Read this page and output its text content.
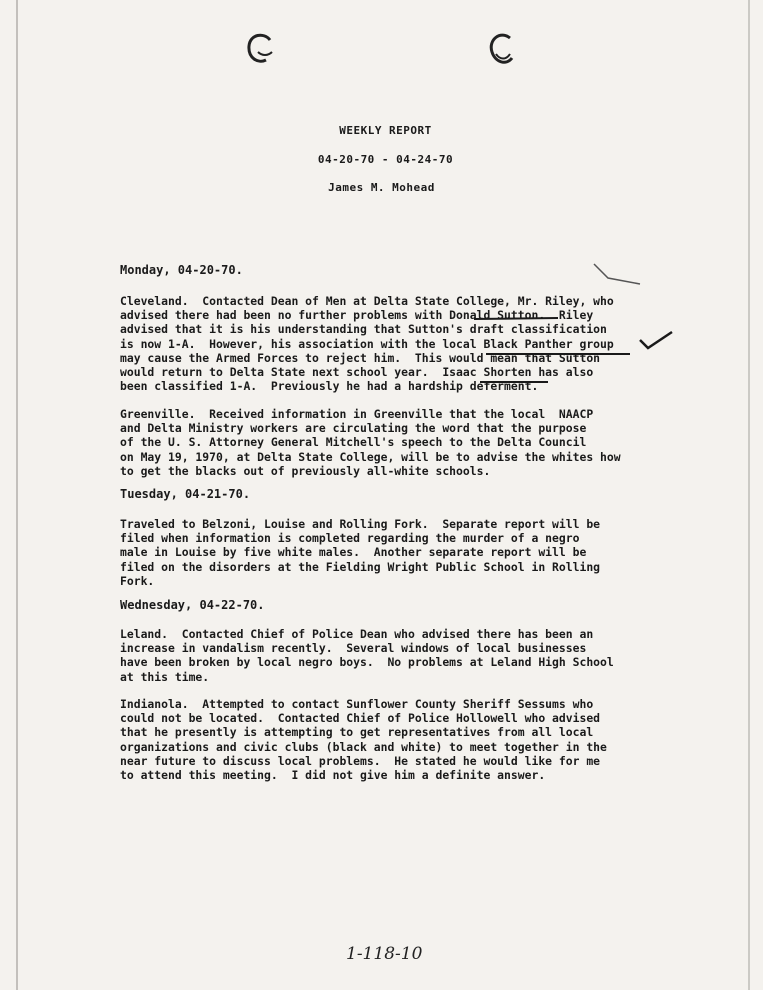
WEEKLY REPORT
04-20-70 - 04-24-70
James M. Mohead
Monday, 04-20-70.
Cleveland.  Contacted Dean of Men at Delta State College, Mr. Riley, who
advised there had been no further problems with Donald Sutton.  Riley
advised that it is his understanding that Sutton's draft classification
is now 1-A.  However, his association with the local Black Panther group
may cause the Armed Forces to reject him.  This would mean that Sutton
would return to Delta State next school year.  Isaac Shorten has also
been classified 1-A.  Previously he had a hardship deferment.
Greenville.  Received information in Greenville that the local  NAACP
and Delta Ministry workers are circulating the word that the purpose
of the U. S. Attorney General Mitchell's speech to the Delta Council
on May 19, 1970, at Delta State College, will be to advise the whites how
to get the blacks out of previously all-white schools.
Tuesday, 04-21-70.
Traveled to Belzoni, Louise and Rolling Fork.  Separate report will be
filed when information is completed regarding the murder of a negro
male in Louise by five white males.  Another separate report will be
filed on the disorders at the Fielding Wright Public School in Rolling
Fork.
Wednesday, 04-22-70.
Leland.  Contacted Chief of Police Dean who advised there has been an
increase in vandalism recently.  Several windows of local businesses
have been broken by local negro boys.  No problems at Leland High School
at this time.
Indianola.  Attempted to contact Sunflower County Sheriff Sessums who
could not be located.  Contacted Chief of Police Hollowell who advised
that he presently is attempting to get representatives from all local
organizations and civic clubs (black and white) to meet together in the
near future to discuss local problems.  He stated he would like for me
to attend this meeting.  I did not give him a definite answer.
1-118-10
